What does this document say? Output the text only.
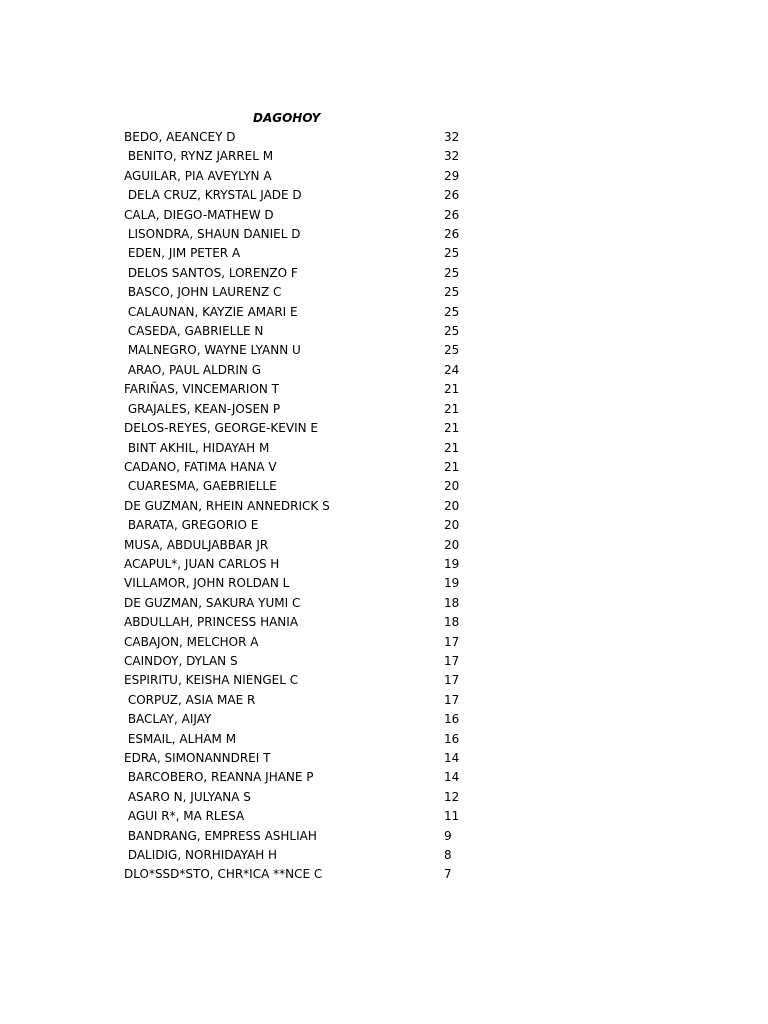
DAGOHOY
BEDO, AEANCEY D	32
BENITO, RYNZ JARREL M	32
AGUILAR, PIA AVEYLYN A	29
DELA CRUZ, KRYSTAL JADE D	26
CALA, DIEGO-MATHEW D	26
LISONDRA, SHAUN DANIEL D	26
EDEN, JIM PETER A	25
DELOS SANTOS, LORENZO F	25
BASCO, JOHN LAURENZ C	25
CALAUNAN, KAYZIE AMARI E	25
CASEDA, GABRIELLE N	25
MALNEGRO, WAYNE LYANN U	25
ARAO, PAUL ALDRIN G	24
FARIÑAS, VINCEMARION T	21
GRAJALES, KEAN-JOSEN P	21
DELOS-REYES, GEORGE-KEVIN E	21
BINT AKHIL, HIDAYAH M	21
CADANO, FATIMA HANA V	21
CUARESMA, GAEBRIELLE	20
DE GUZMAN, RHEIN ANNEDRICK S	20
BARATA, GREGORIO E	20
MUSA, ABDULJABBAR JR	20
ACAPUL*, JUAN CARLOS H	19
VILLAMOR, JOHN ROLDAN L	19
DE GUZMAN, SAKURA YUMI C	18
ABDULLAH, PRINCESS HANIA	18
CABAJON, MELCHOR A	17
CAINDOY, DYLAN S	17
ESPIRITU, KEISHA NIENGEL C	17
CORPUZ, ASIA MAE R	17
BACLAY, AIJAY	16
ESMAIL, ALHAM M	16
EDRA, SIMONANNDREI T	14
BARCOBERO, REANNA JHANE P	14
ASARO N, JULYANA S	12
AGUI R*, MA RLESA	11
BANDRANG, EMPRESS ASHLIAH	9
DALIDIG, NORHIDAYAH H	8
DLO*SSD*STO, CHR*ICA **NCE C	7
